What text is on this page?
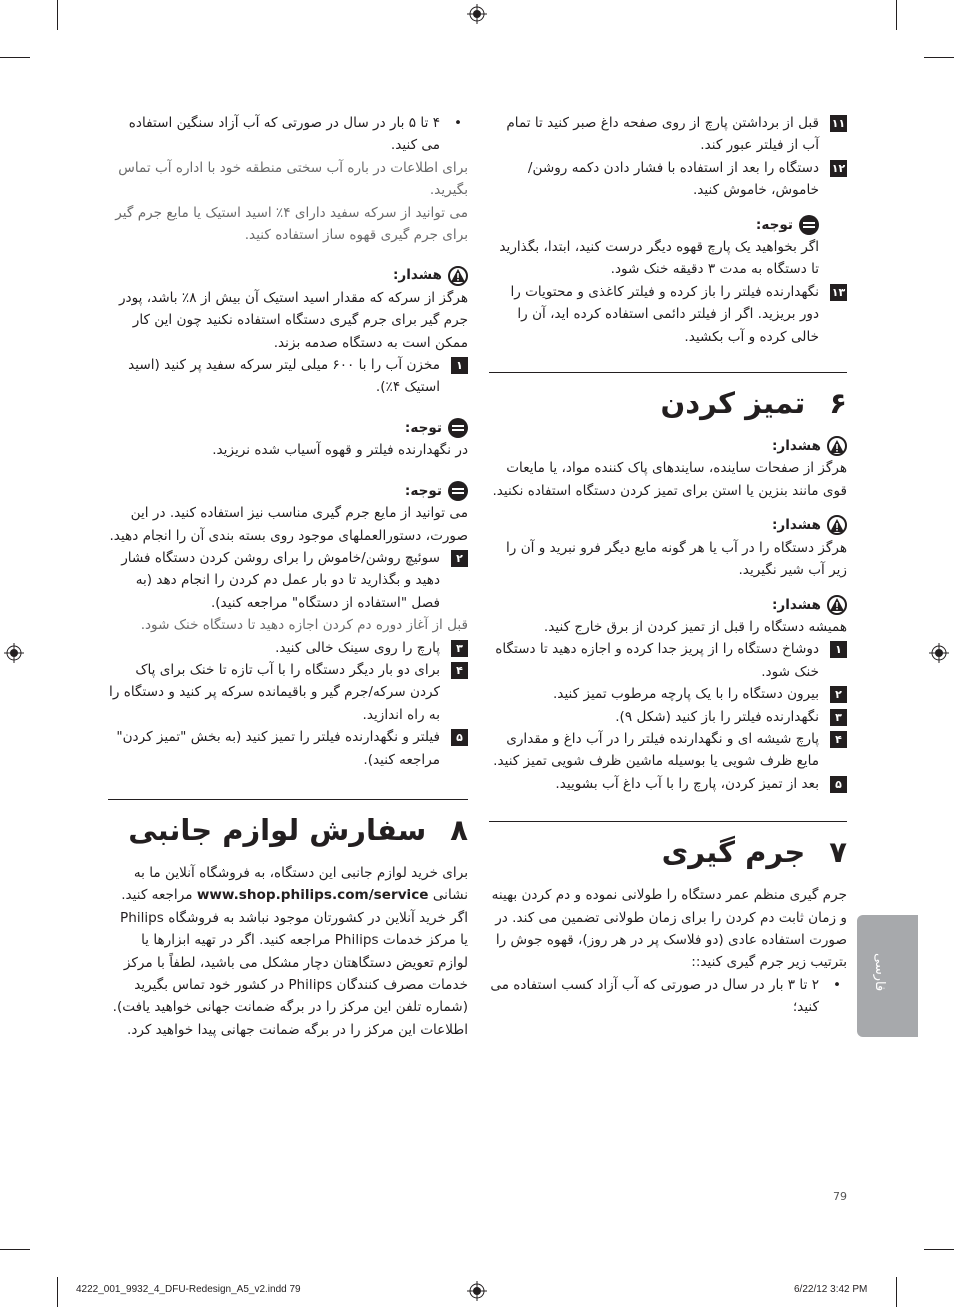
۱۱
قبل از برداشتن پارچ از روی صفحه داغ صبر کنید تا تمام آب از فیلتر عبور کند.

۱۲
دستگاه را بعد از استفاده با فشار دادن دکمه روشن/خاموش، خاموش کنید.

توجه:

اگر بخواهید یک پارچ قهوه دیگر درست کنید، ابتدا، بگذارید تا دستگاه به مدت ۳ دقیقه خنک شود.

۱۳
نگهدارنده فیلتر را باز کرده و فیلتر کاغذی و محتویات را دور بریزید. اگر از فیلتر دائمی استفاده کرده اید، آن را خالی کرده و آب بکشید.

۶
تمیز کردن
هشدار:

هرگز از صفحات ساینده، سایندهای پاک کننده مواد، یا مایعات قوی مانند بنزین یا استن برای تمیز کردن دستگاه استفاده نکنید.

هشدار:

هرگز دستگاه را در آب یا هر گونه مایع دیگر فرو نبرید و آن را زیر آب شیر نگیرید.

هشدار:

همیشه دستگاه را قبل از تمیز کردن از برق خارج کنید.

۱
دوشاخ دستگاه را از پریز جدا کرده و اجازه دهید تا دستگاه خنک شود.

۲
بیرون دستگاه را با یک پارچه مرطوب تمیز کنید.

۳
نگهدارنده فیلتر را باز کنید (شکل ۹).

۴
پارچ شیشه ای و نگهدارنده فیلتر را در آب داغ و مقداری مایع ظرف شویی یا بوسیله ماشین ظرف شویی تمیز کنید.

۵
بعد از تمیز کردن، پارچ را با آب داغ آب بشویید.

۷
جرم گیری

جرم گیری منظم عمر دستگاه را طولانی نموده و دم کردن بهینه و زمان ثابت دم کردن را برای زمان طولانی تضمین می کند. در صورت استفاده عادی (دو فلاسک پر در هر روز)، قهوه جوش را بترتیب زیر جرم گیری کنید::

•
۲ تا ۳ بار در سال در صورتی که آب آزاد کسب استفاده می کنید؛

•
۴ تا ۵ بار در سال در صورتی که آب آزاد سنگین استفاده می کنید.

برای اطلاعات در باره آب سختی منطقه خود با اداره آب تماس بگیرید.

می توانید از سرکه سفید دارای ۴٪ اسید استیک یا مایع جرم گیر برای جرم گیری قهوه ساز استفاده کنید.

هشدار:

هرگز از سرکه که مقدار اسید استیک آن بیش از ۸٪ باشد، پودر جرم گیر برای جرم گیری دستگاه استفاده نکنید چون این کار ممکن است به دستگاه صدمه بزند.

۱
مخزن آب را با ۶۰۰ میلی لیتر سرکه سفید پر کنید (اسید استیک ۴٪).

توجه:

در نگهدارنده فیلتر و قهوه آسیاب شده نریزید.

توجه:

می توانید از مایع جرم گیری مناسب نیز استفاده کنید. در این صورت، دستورالعملهای موجود روی بسته بندی آن را انجام دهید.

۲
سوئیچ روشن/خاموش را برای روشن کردن دستگاه فشار دهید و بگذارید تا دو بار عمل دم کردن را انجام دهد (به فصل "استفاده از دستگاه" مراجعه کنید).

قبل از آغاز دوره دم کردن اجازه دهید تا دستگاه خنک شود.

۳
پارچ را روی سینک خالی کنید.

۴
برای دو بار دیگر دستگاه را با آب تازه تا خنک برای پاک کردن سرکه/جرم گیر و باقیمانده سرکه پر کنید و دستگاه را به راه اندازید.

۵
فیلتر و نگهدارنده فیلتر را تمیز کنید (به بخش "تمیز کردن" مراجعه کنید).

۸
سفارش لوازم جانبی

برای خرید لوازم جانبی این دستگاه، به فروشگاه آنلاین ما به نشانی www.shop.philips.com/service مراجعه کنید. اگر خرید آنلاین در کشورتان موجود نباشد به فروشگاه Philips یا مرکز خدمات Philips مراجعه کنید. اگر در تهیه ابزارها یا لوازم تعویض دستگاهتان دچار مشکل می باشید، لطفاً با مرکز خدمات مصرف کنندگان Philips در کشور خود تماس بگیرید (شماره تلفن این مرکز را در برگه ضمانت جهانی خواهید یافت). اطلاعات این مرکز را در برگه ضمانت جهانی پیدا خواهید کرد.

فارسی
79
4222_001_9932_4_DFU-Redesign_A5_v2.indd 79	6/22/12 3:42 PM
